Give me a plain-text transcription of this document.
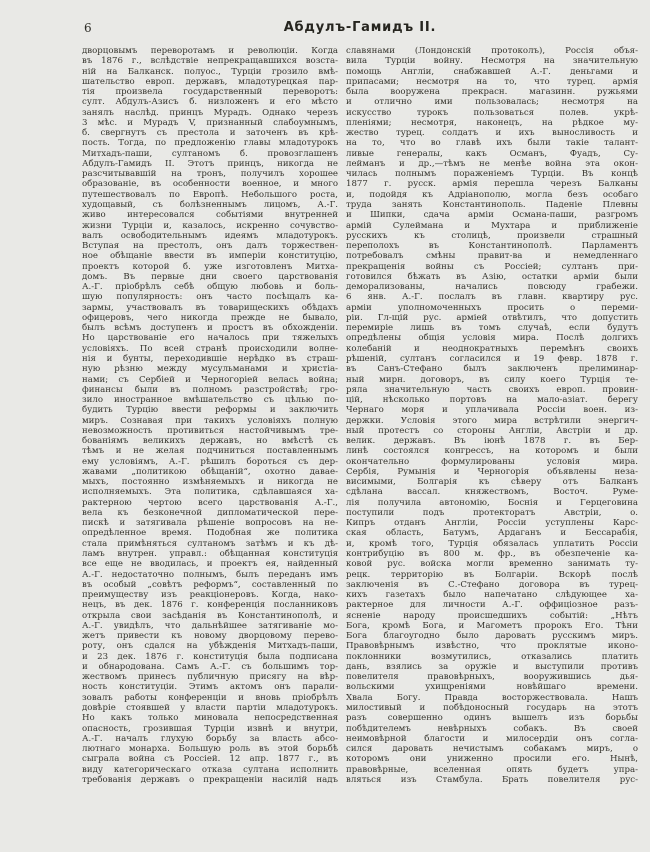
6	Абдулъ-Гамидъ II.
дворцовымъ переворотамъ и революціи. Когда
въ 1876 г., вслѣдствіе непрекращавшихся возста-
ній на Балканск. полуос., Турціи грозило вмѣ-
шательство европ. державъ, младотурецкая пар-
тія произвела государственный переворотъ:
султ. Абдулъ-Азисъ б. низложенъ и его мѣсто
занялъ наслѣд. принцъ Мурадъ. Однако черезъ
3 мѣс. и Мурадъ V, признанный слабоумнымъ,
б. свергнутъ съ престола и заточенъ въ крѣ-
пость. Тогда, по предложенію главы младотурокъ
Митхадъ-паши, султаномъ б. провозглашенъ
Абдулъ-Гамидъ II. Этотъ принцъ, никогда не
разсчитывавшій на тронъ, получилъ хорошее
образованіе, въ особенности военное, и много
путешествовалъ по Европѣ. Небольшого роста,
худощавый, съ болѣзненнымъ лицомъ, А.-Г.
живо интересовался событіями внутренней
жизни Турціи и, казалось, искренно сочувство-
валъ освободительнымъ идеямъ младотурокъ.
Вступая на престолъ, онъ далъ торжествен-
ное обѣщаніе ввести въ имперіи конституцію,
проектъ которой б. уже изготовленъ Митха-
домъ. Въ первые дни своего царствованія
А.-Г. пріобрѣлъ себѣ общую любовь и боль-
шую популярность: онъ часто посѣщалъ ка-
зармы, участвовалъ въ товарищескихъ обѣдахъ
офицеровъ, чего никогда прежде не бывало,
былъ всѣмъ доступенъ и простъ въ обхожденіи.
Но царствованіе его началось при тяжелыхъ
условіяхъ. По всей странѣ происходили волне-
нія и бунты, переходившіе нерѣдко въ страш-
ную рѣзню между мусульманами и христіа-
нами; съ Сербіей и Черногоріей велась война;
финансы были въ полномъ разстройствѣ; гро-
зило иностранное вмѣшательство съ цѣлью по-
будить Турцію ввести реформы и заключить
миръ. Сознавая при такихъ условіяхъ полную
невозможность противиться настойчивымъ тре-
бованіямъ великихъ державъ, но вмѣстѣ съ
тѣмъ и не желая подчиниться поставленнымъ
ему условіямъ, А.-Г. рѣшилъ бороться съ дер-
жавами „политикою обѣщаній“, охотно давае-
мыхъ, постоянно измѣняемыхъ и никогда не
исполняемыхъ. Эта политика, сдѣлавшаяся ха-
рактерною чертою всего царствованія А.-Г.,
вела къ безконечной дипломатической пере-
пискѣ и затягивала рѣшеніе вопросовъ на не-
опредѣленное время. Подобная же политика
стала примѣняться султаномъ затѣмъ и къ дѣ-
ламъ внутрен. управл.: обѣщанная конституція
все еще не вводилась, и проектъ ея, найденный
А.-Г. недостаточно полнымъ, былъ переданъ имъ
въ особый „совѣтъ реформъ“, составленный по
преимуществу изъ реакціонеровъ. Когда, нако-
нецъ, въ дек. 1876 г. конференція посланниковъ
открыла свои засѣданія въ Константинополѣ, и
А.-Г. увидѣлъ, что дальнѣйшее затягиваніе мо-
жетъ привести къ новому дворцовому перево-
роту, онъ сдался на убѣжденія Митхадъ-паши,
и 23 дек. 1876 г. конституція была подписана
и обнародована. Самъ А.-Г. съ большимъ тор-
жествомъ принесъ публичную присягу на вѣр-
ность конституціи. Этимъ актомъ онъ парали-
зовалъ работы конференціи и вновь пріобрѣлъ
довѣріе стоявшей у власти партіи младотурокъ.
Но какъ только миновала непосредственная
опасность, грозившая Турціи извнѣ и внутри,
А.-Г. началъ глухую борьбу за власть абсо-
лютнаго монарха. Большую роль въ этой борьбѣ
сыграла война съ Россіей. 12 апр. 1877 г., въ
виду категорическаго отказа султана исполнить
требованія державъ о прекращеніи насилій надъ
славянами (Лондонскій протоколъ), Россія объя-
вила Турціи войну. Несмотря на значительную
помощь Англіи, снабжавшей А.-Г. деньгами и
припасами; несмотря на то, что турец. армія
была вооружена прекрасн. магазинн. ружьями
и отлично ими пользовалась; несмотря на
искусство турокъ пользоваться полев. укрѣ-
пленіями; несмотря, наконецъ, на рѣдкое му-
жество турец. солдатъ и ихъ выносливость и
на то, что во главѣ ихъ были такіе талант-
ливые генералы, какъ Османъ, Фуадъ, Су-
лейманъ и др.,—тѣмъ не менѣе война эта окон-
чилась полнымъ пораженіемъ Турціи. Въ концѣ
1877 г. русск. армія перешла черезъ Балканы
и, подойдя къ Адріанополю, могла безъ особаго
труда занять Константинополь. Паденіе Плевны
и Шипки, сдача арміи Османа-паши, разгромъ
армій Сулеймана и Мухтара и приближеніе
русскихъ къ столицѣ, произвели страшный
переполохъ въ Константинополѣ. Парламентъ
потребовалъ смѣны правит-ва и немедленнаго
прекращенія войны съ Россіей; султанъ при-
готовился бѣжать въ Азію, остатки арміи были
деморализованы, начались повсюду грабежи.
6 янв. А.-Г. послалъ въ главн. квартиру рус.
арміи уполномоченныхъ просить о переми-
ріи. Гл-щій рус. арміей отвѣтилъ, что допустить
перемиріе лишь въ томъ случаѣ, если будутъ
опредѣлены общія условія мира. Послѣ долгихъ
колебаній и неоднократныхъ перемѣнъ своихъ
рѣшеній, султанъ согласился и 19 февр. 1878 г.
въ Санъ-Стефано былъ заключенъ прелиминар-
ный мирн. договоръ, въ силу коего Турція те-
ряла значительную часть своихъ европ. провин-
цій, нѣсколько портовъ на мало-азіат. берегу
Чернаго моря и уплачивала Россіи воен. из-
держки. Условія этого мира встрѣтили энергич-
ный протестъ со стороны Англіи, Австріи и др.
велик. державъ. Въ іюнѣ 1878 г. въ Бер-
линѣ состоялся конгрессъ, на которомъ и были
окончательно формулированы условія мира.
Сербія, Румынія и Черногорія объявлены неза-
висимыми, Болгарія къ сѣверу отъ Балканъ
сдѣлана вассал. княжествомъ, Восточ. Руме-
лія получила автономію, Боснія и Герцеговина
поступили подъ протекторатъ Австріи, о.
Кипръ отданъ Англіи, Россіи уступлены Карс-
ская область, Батумъ, Ардаганъ и Бессарабія,
и, кромѣ того, Турція обязалась уплатить Россіи
контрибуцію въ 800 м. фр., въ обезпеченіе ка-
ковой рус. войска могли временно занимать ту-
рецк. территорію въ Болгаріи. Вскорѣ послѣ
заключенія въ С.-Стефано договора въ турец-
кихъ газетахъ было напечатано слѣдующее ха-
рактерное для личности А.-Г. оффиціозное разъ-
ясненіе народу происшедшихъ событій: „Нѣтъ
Бога, кромѣ Бога, и Магометъ пророкъ Его. Тѣни
Бога благоугодно было даровать русскимъ миръ.
Правовѣрнымъ извѣстно, что проклятые иконо-
поклонники возмутились, отказались платить
дань, взялись за оружіе и выступили противъ
повелителя правовѣрныхъ, вооружившись дья-
вольскими ухищреніями новѣйшаго времени.
Хвала Богу. Правда восторжествовала. Нашъ
милостивый и побѣдоносный государь на этотъ
разъ совершенно одинъ вышелъ изъ борьбы
побѣдителемъ невѣрныхъ собакъ. Въ своей
неимовѣрной благости и милосердіи онъ согла-
сился даровать нечистымъ собакамъ миръ, о
которомъ они униженно просили его. Нынѣ,
правовѣрные, вселенная опять будетъ упра-
вляться изъ Стамбула. Брать повелителя рус-
